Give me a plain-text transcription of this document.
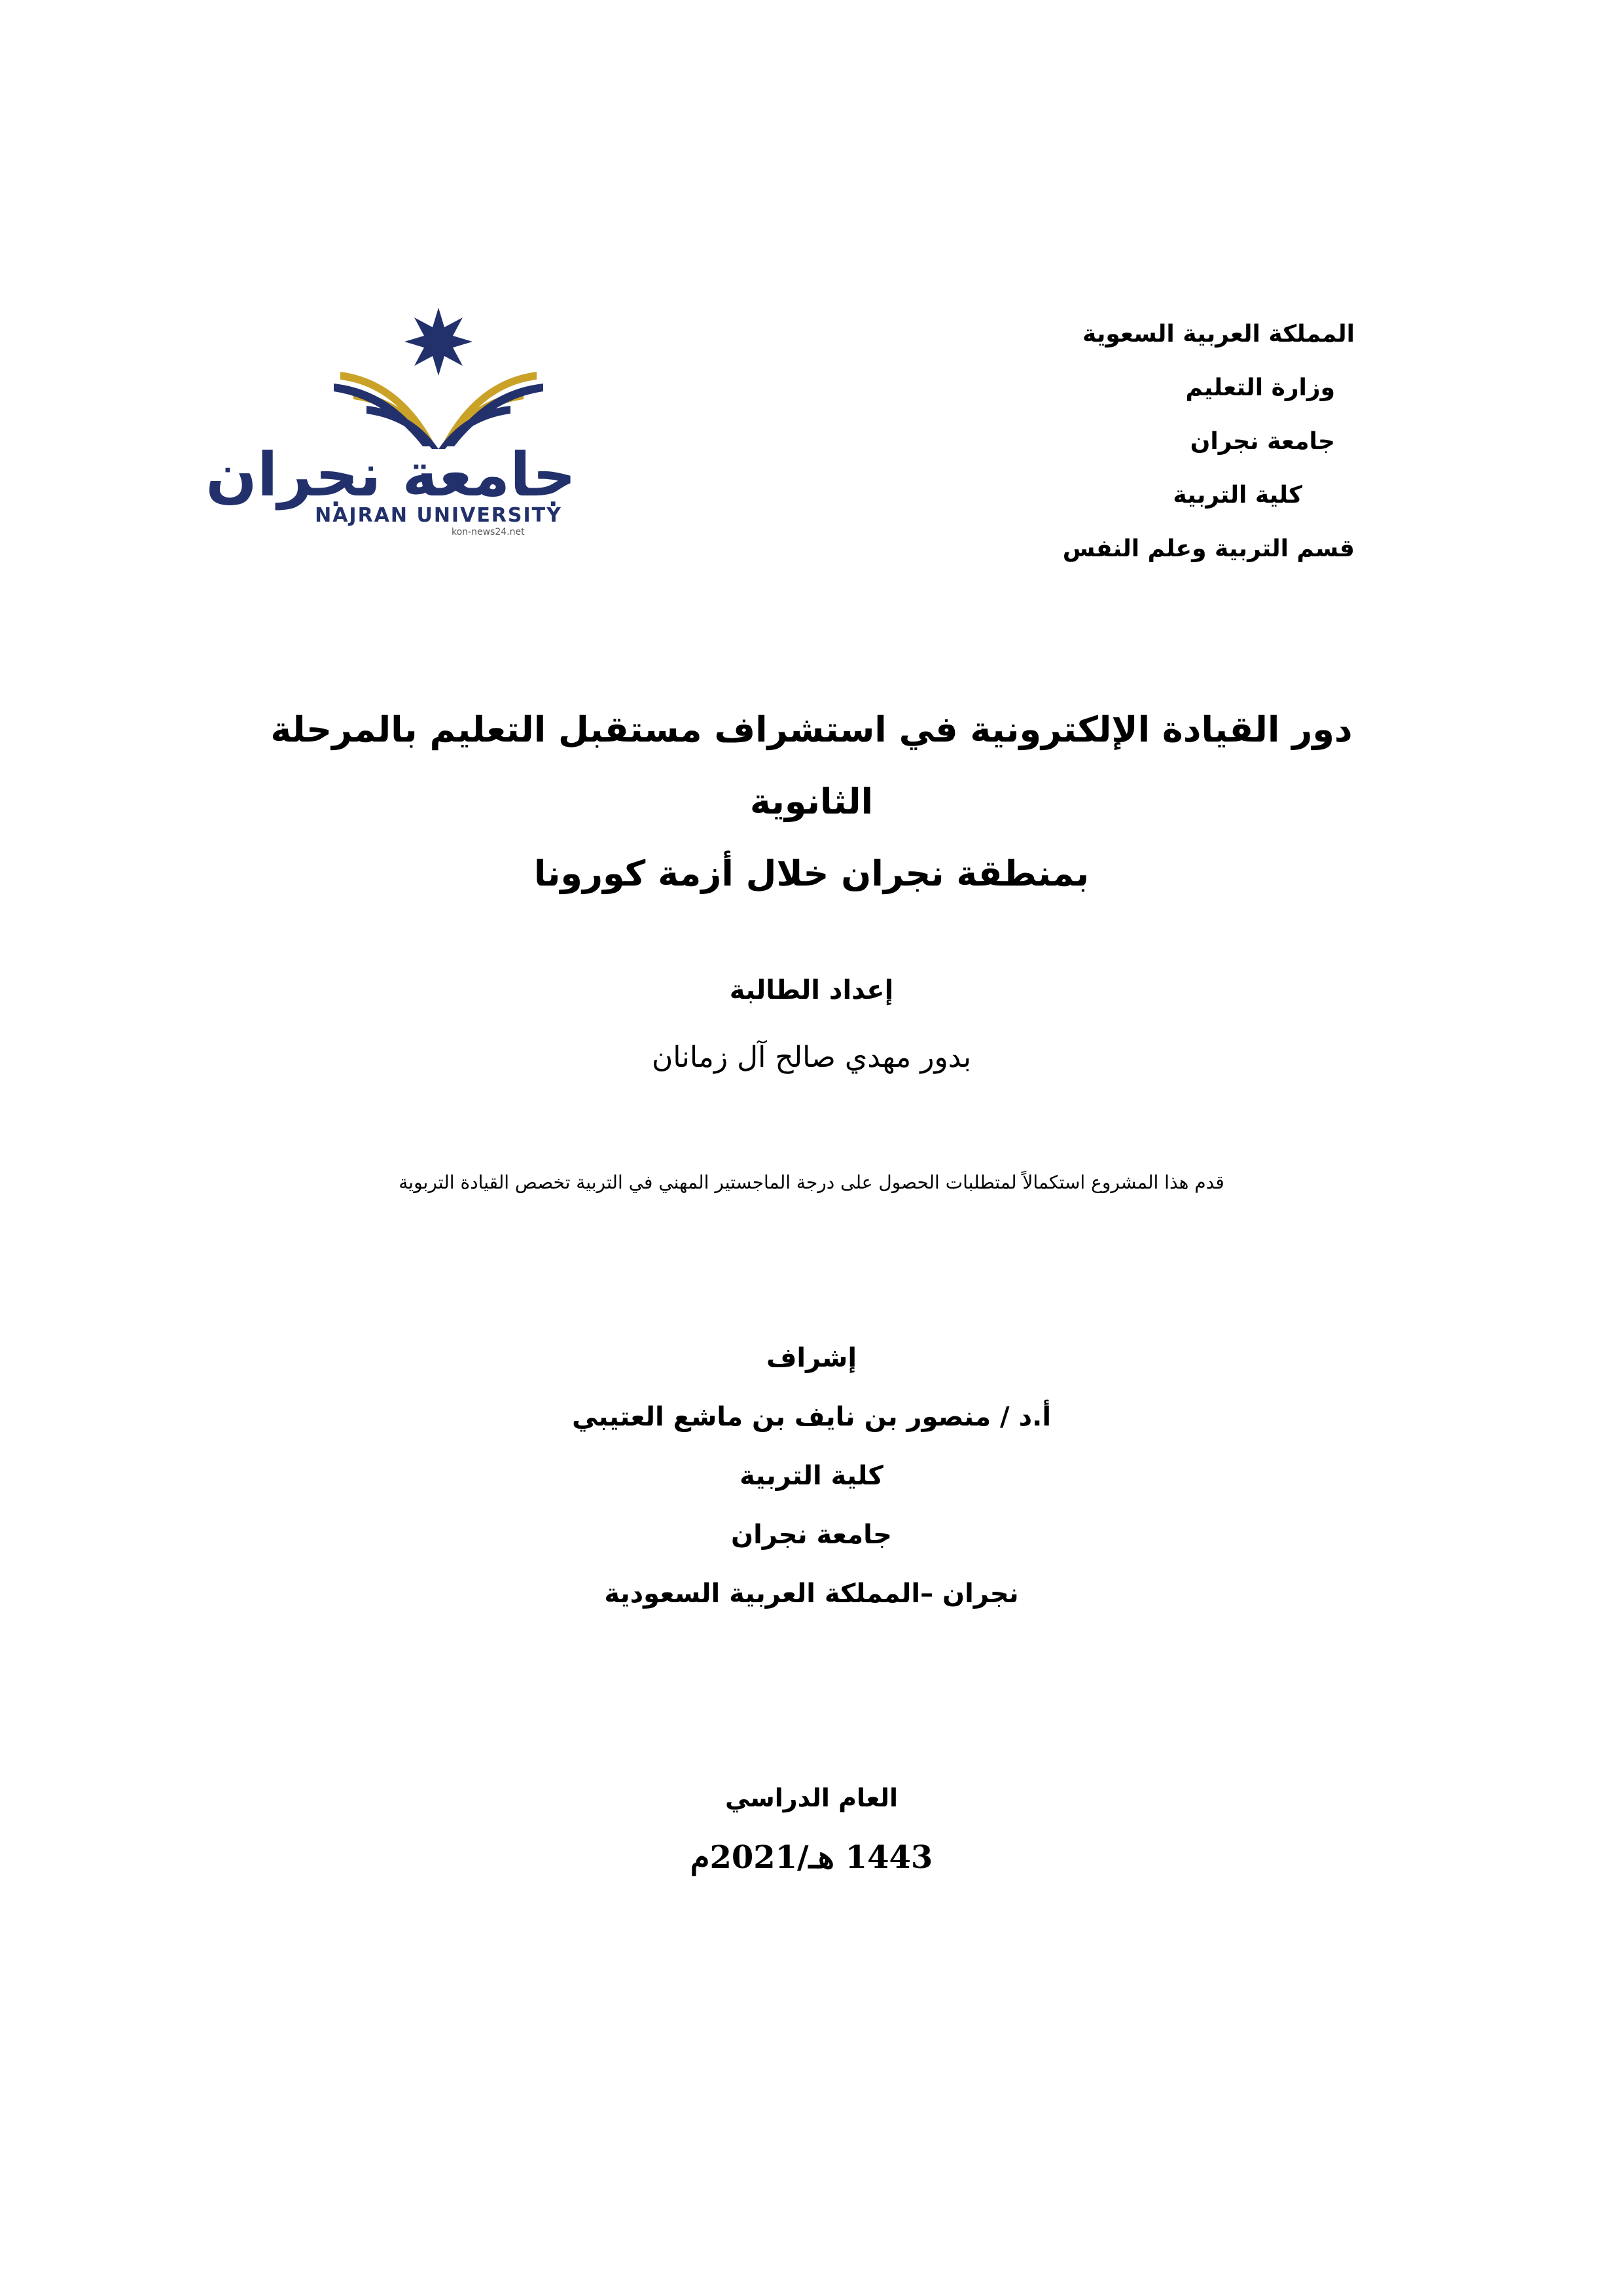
المملكة العربية السعوية
وزارة التعليم
جامعة نجران
كلية التربية
قسم التربية وعلم النفس
جامعة نجران
NAJRAN UNIVERSITY
kon-news24.net
دور القيادة الإلكترونية في استشراف مستقبل التعليم بالمرحلة الثانوية
بمنطقة نجران خلال أزمة كورونا
إعداد الطالبة
بدور مهدي صالح آل زمانان
قدم هذا المشروع استكمالاً لمتطلبات الحصول على درجة الماجستير المهني في التربية تخصص القيادة التربوية
إشراف
أ.د / منصور بن نايف بن ماشع العتيبي
كلية التربية
جامعة نجران
نجران –المملكة العربية السعودية
العام الدراسي
1443 هـ/2021م
